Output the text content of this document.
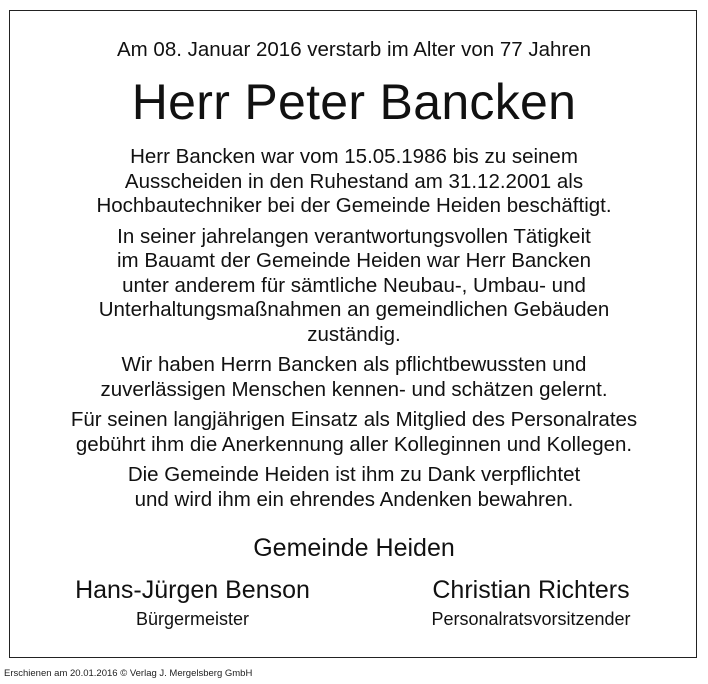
Am 08. Januar 2016 verstarb im Alter von 77 Jahren
Herr Peter Bancken

Herr Bancken war vom 15.05.1986 bis zu seinem
Ausscheiden in den Ruhestand am 31.12.2001 als
Hochbautechniker bei der Gemeinde Heiden beschäftigt.

In seiner jahrelangen verantwortungsvollen Tätigkeit
im Bauamt der Gemeinde Heiden war Herr Bancken
unter anderem für sämtliche Neubau-, Umbau- und
Unterhaltungsmaßnahmen an gemeindlichen Gebäuden
zuständig.

Wir haben Herrn Bancken als pflichtbewussten und
zuverlässigen Menschen kennen- und schätzen gelernt.

Für seinen langjährigen Einsatz als Mitglied des Personalrates
gebührt ihm die Anerkennung aller Kolleginnen und Kollegen.

Die Gemeinde Heiden ist ihm zu Dank verpflichtet
und wird ihm ein ehrendes Andenken bewahren.

Gemeinde Heiden
Hans-Jürgen Benson
Bürgermeister
Christian Richters
Personalratsvorsitzender
Erschienen am 20.01.2016 © Verlag J. Mergelsberg GmbH
